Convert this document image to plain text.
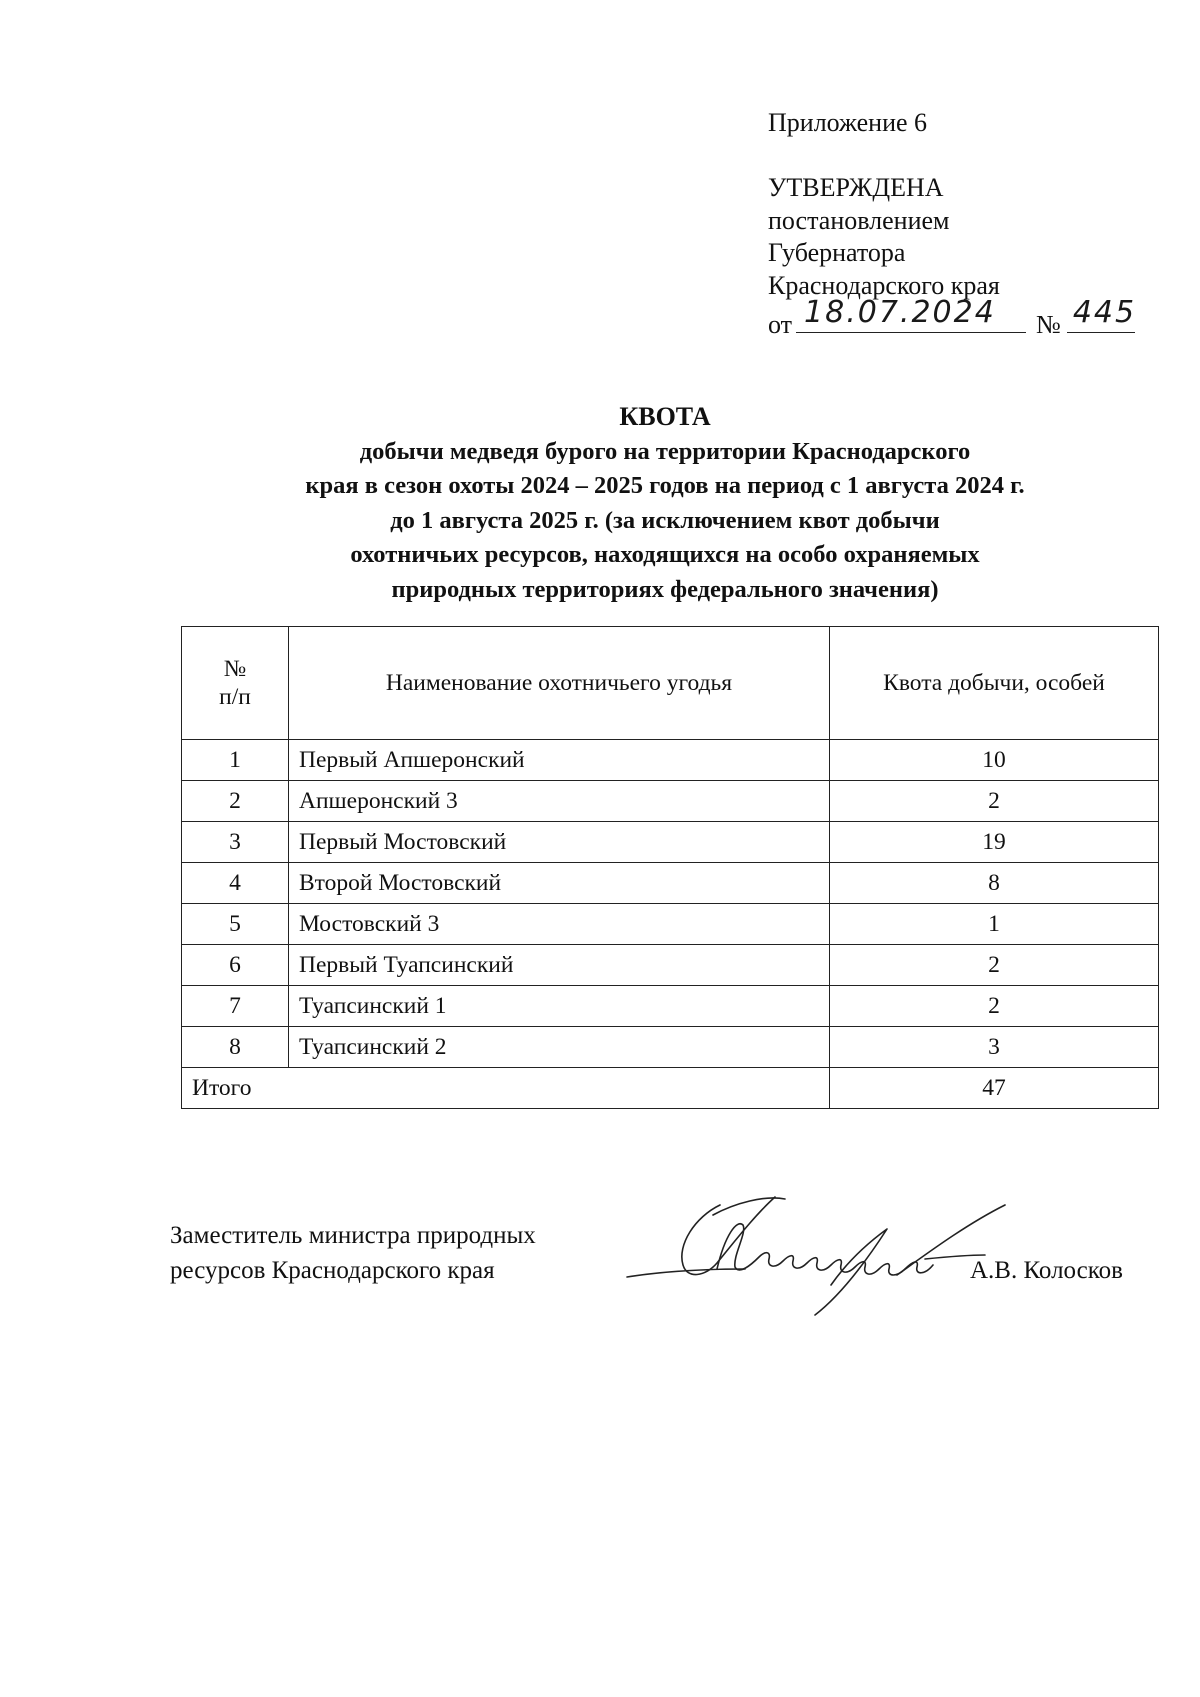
Приложение 6
УТВЕРЖДЕНА
постановлением
Губернатора
Краснодарского края
от 18.07.2024 № 445
КВОТА
добычи медведя бурого на территории Краснодарского
края в сезон охоты 2024 – 2025 годов на период с 1 августа 2024 г.
до 1 августа 2025 г. (за исключением квот добычи
охотничьих ресурсов, находящихся на особо охраняемых
природных территориях федерального значения)
№
п/п	Наименование охотничьего угодья	Квота добычи, особей
1	Первый Апшеронский	10
2	Апшеронский 3	2
3	Первый Мостовский	19
4	Второй Мостовский	8
5	Мостовский 3	1
6	Первый Туапсинский	2
7	Туапсинский 1	2
8	Туапсинский 2	3
Итого		47
Заместитель министра природных
ресурсов Краснодарского края	А.В. Колосков
